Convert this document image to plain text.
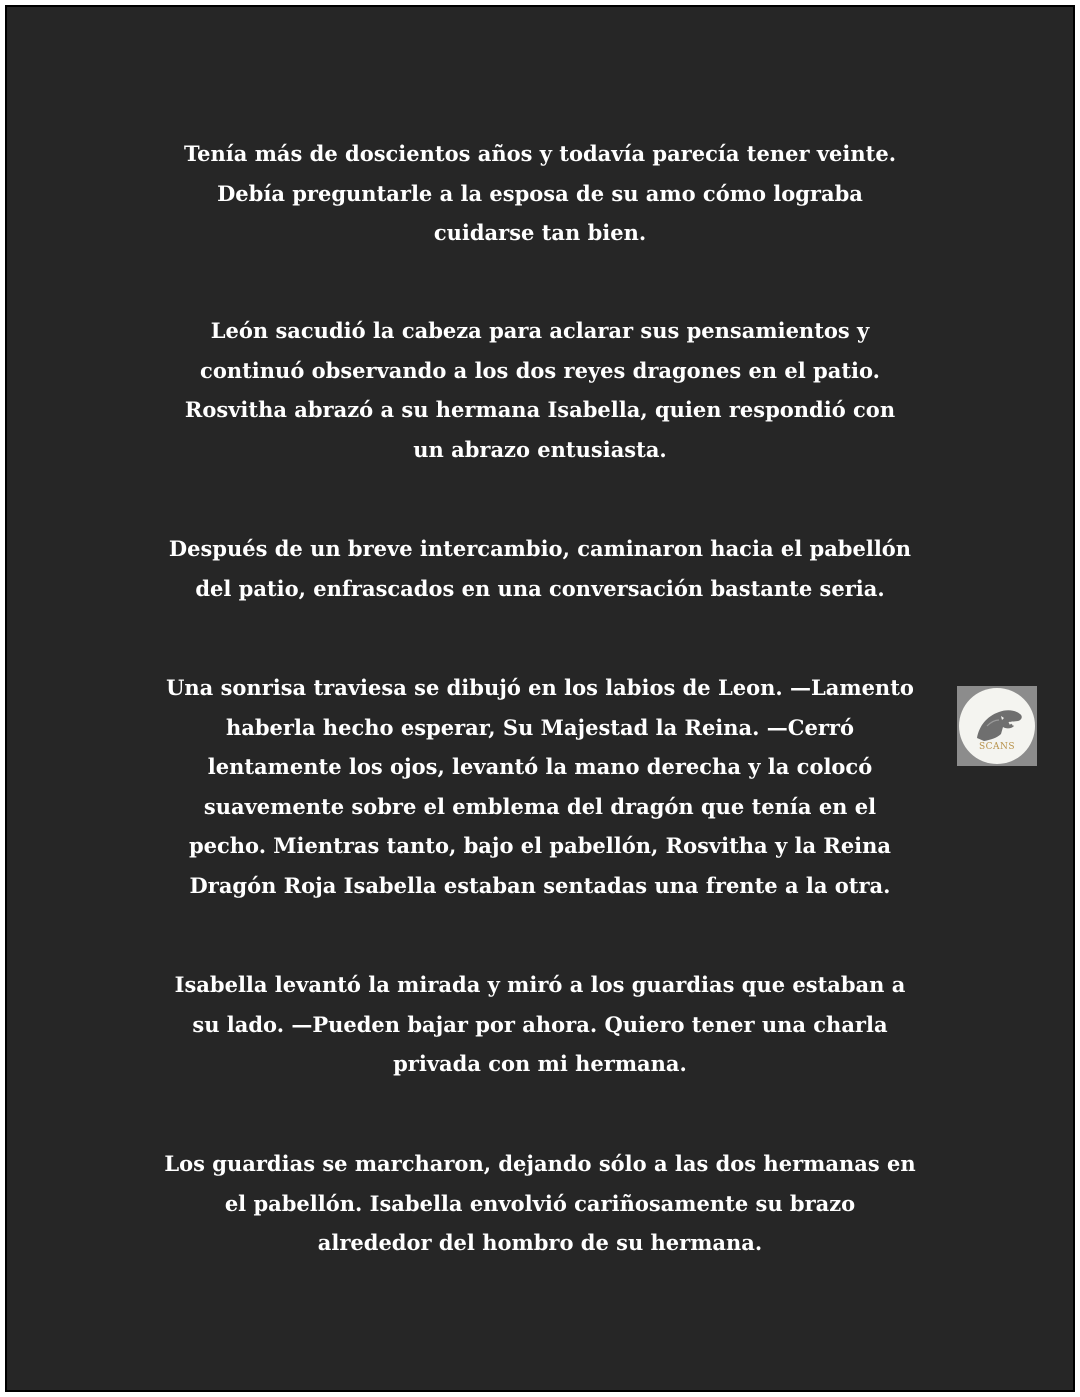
Tenía más de doscientos años y todavía parecía tener veinte.

Debía preguntarle a la esposa de su amo cómo lograba

cuidarse tan bien.

León sacudió la cabeza para aclarar sus pensamientos y

continuó observando a los dos reyes dragones en el patio.

Rosvitha abrazó a su hermana Isabella, quien respondió con

un abrazo entusiasta.

Después de un breve intercambio, caminaron hacia el pabellón

del patio, enfrascados en una conversación bastante seria.

Una sonrisa traviesa se dibujó en los labios de Leon. —Lamento

haberla hecho esperar, Su Majestad la Reina. —Cerró

lentamente los ojos, levantó la mano derecha y la colocó

suavemente sobre el emblema del dragón que tenía en el

pecho. Mientras tanto, bajo el pabellón, Rosvitha y la Reina

Dragón Roja Isabella estaban sentadas una frente a la otra.

Isabella levantó la mirada y miró a los guardias que estaban a

su lado. —Pueden bajar por ahora. Quiero tener una charla

privada con mi hermana.

Los guardias se marcharon, dejando sólo a las dos hermanas en

el pabellón. Isabella envolvió cariñosamente su brazo

alrededor del hombro de su hermana.

SCANS
